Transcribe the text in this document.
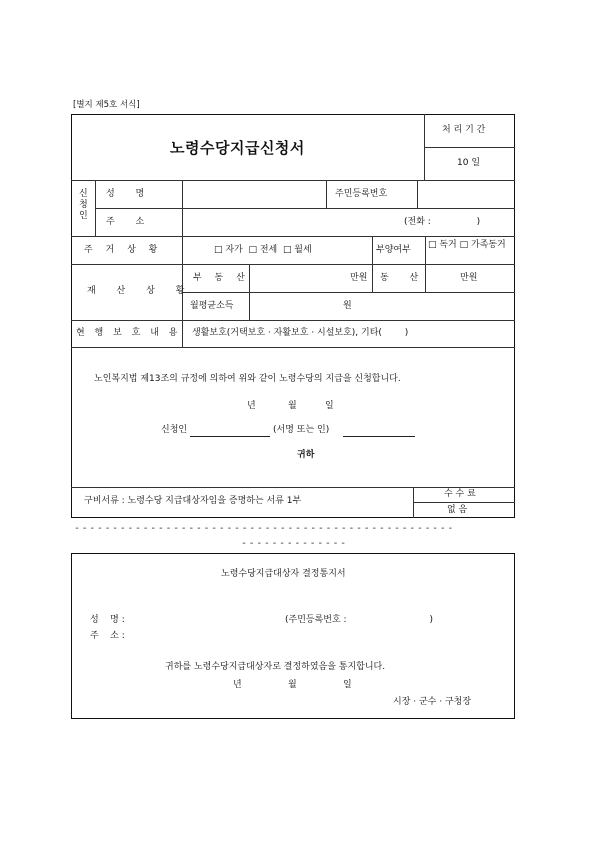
[별지 제5호 서식]
노령수당지급신청서
처 리 기 간
10 일
신 청 인
성 명	주민등록번호
주 소	(전화 :                )
주 거 상 황	□ 자가  □ 전세  □ 월세	부양여부 □ 독거 □ 가족동거
재 산 상 황
부 동 산	만원 동 산	만원
월평균소득	원
현 행 보 호 내 용 생활보호(거택보호 · 자활보호 · 시설보호), 기타(        )
노인복지법 제13조의 규정에 의하여 위와 같이 노령수당의 지급을 신청합니다.
년	월	일
신청인	(서명 또는 인)
귀하
구비서류 : 노령수당 지급대상자임을 증명하는 서류 1부
수 수 료
없 음
--------------------------------------------------
--------------
노령수당지급대상자 결정통지서
성    명 :	(주민등록번호 :                             )
주    소 :
귀하를 노령수당지급대상자로 결정하였음을 통지합니다.
년	월	일
시장 · 군수 · 구청장
